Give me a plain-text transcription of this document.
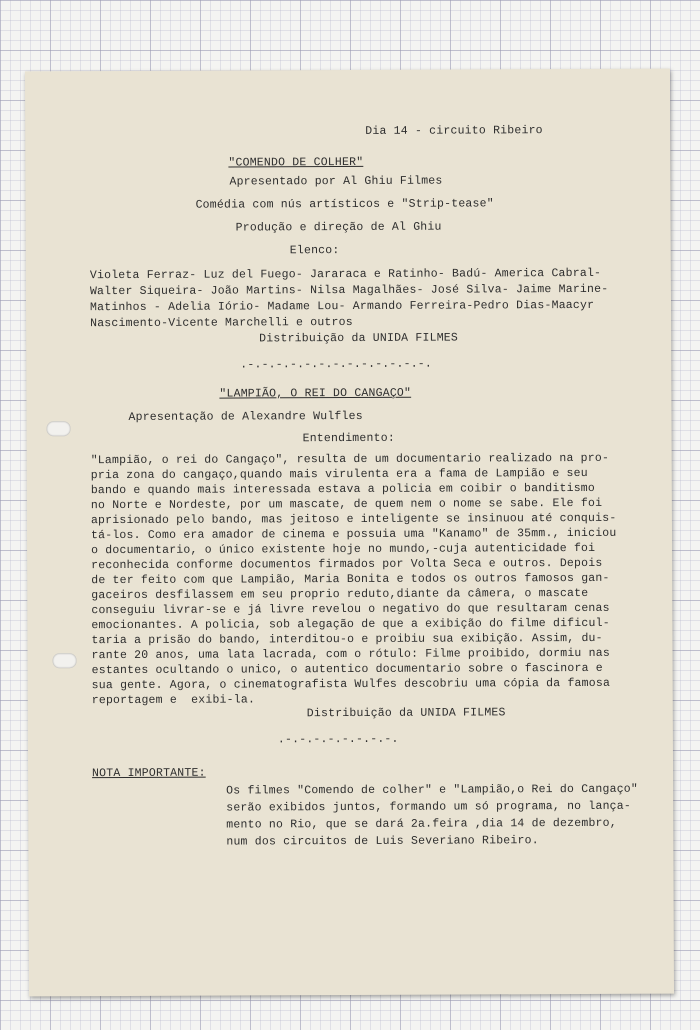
Dia 14 - circuito Ribeiro
"COMENDO DE COLHER"
Apresentado por Al Ghiu Filmes
Comédia com nús artísticos e "Strip-tease"
Produção e direção de Al Ghiu
Elenco:
Violeta Ferraz- Luz del Fuego- Jararaca e Ratinho- Badú- America Cabral-
Walter Siqueira- João Martins- Nilsa Magalhães- José Silva- Jaime Marine-
Matinhos - Adelia Iório- Madame Lou- Armando Ferreira-Pedro Dias-Maacyr
Nascimento-Vicente Marchelli e outros
Distribuição da UNIDA FILMES
.-.-.-.-.-.-.-.-.-.-.-.-.-.
"LAMPIÃO, O REI DO CANGAÇO"
Apresentação de Alexandre Wulfles
Entendimento:
"Lampião, o rei do Cangaço", resulta de um documentario realizado na pro-
pria zona do cangaço,quando mais virulenta era a fama de Lampião e seu
bando e quando mais interessada estava a policia em coibir o banditismo
no Norte e Nordeste, por um mascate, de quem nem o nome se sabe. Ele foi
aprisionado pelo bando, mas jeitoso e inteligente se insinuou até conquis-
tá-los. Como era amador de cinema e possuia uma "Kanamo" de 35mm., iniciou
o documentario, o único existente hoje no mundo,-cuja autenticidade foi
reconhecida conforme documentos firmados por Volta Seca e outros. Depois
de ter feito com que Lampião, Maria Bonita e todos os outros famosos gan-
gaceiros desfilassem em seu proprio reduto,diante da câmera, o mascate
conseguiu livrar-se e já livre revelou o negativo do que resultaram cenas
emocionantes. A policia, sob alegação de que a exibição do filme dificul-
taria a prisão do bando, interditou-o e proibiu sua exibição. Assim, du-
rante 20 anos, uma lata lacrada, com o rótulo: Filme proibido, dormiu nas
estantes ocultando o unico, o autentico documentario sobre o fascinora e
sua gente. Agora, o cinematografista Wulfes descobriu uma cópia da famosa
reportagem e  exibi-la.
Distribuição da UNIDA FILMES
.-.-.-.-.-.-.-.-.
NOTA IMPORTANTE:
Os filmes "Comendo de colher" e "Lampião,o Rei do Cangaço"
serão exibidos juntos, formando um só programa, no lança-
mento no Rio, que se dará 2a.feira ,dia 14 de dezembro,
num dos circuitos de Luis Severiano Ribeiro.
